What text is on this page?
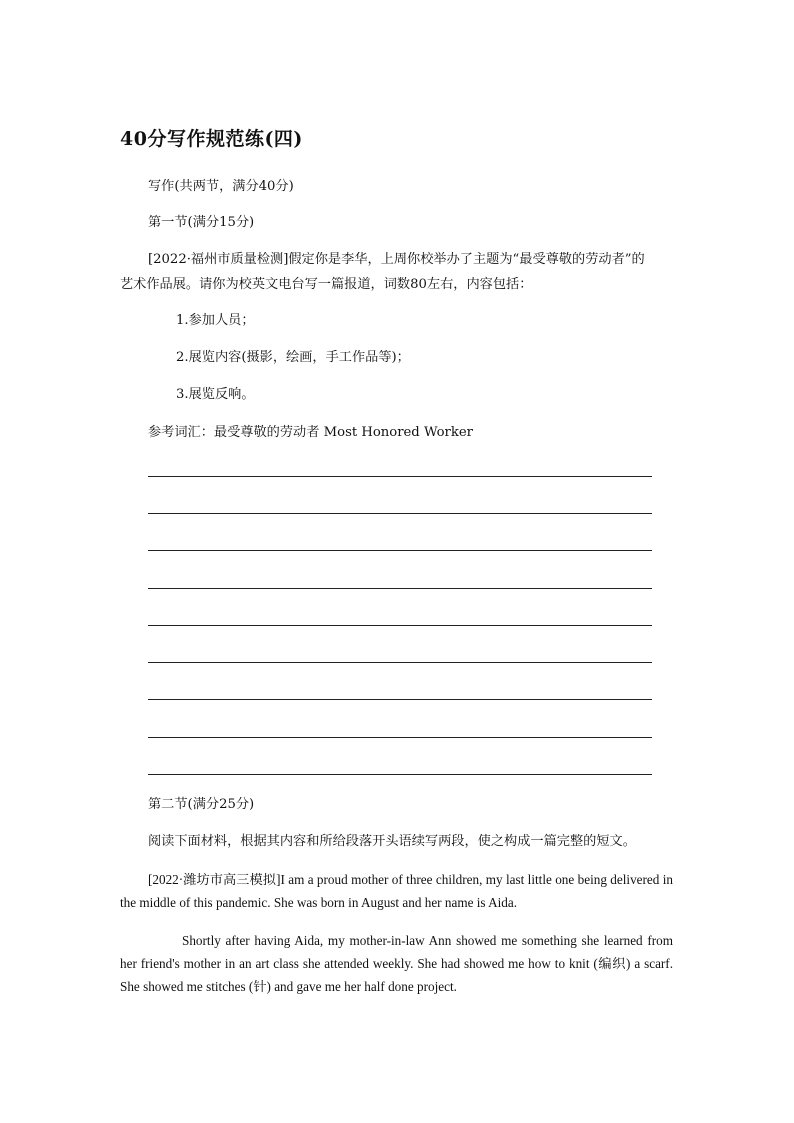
40分写作规范练(四)
写作(共两节，满分40分)
第一节(满分15分)
[2022·福州市质量检测]假定你是李华，上周你校举办了主题为“最受尊敬的劳动者”的
艺术作品展。请你为校英文电台写一篇报道，词数80左右，内容包括：
1.参加人员；
2.展览内容(摄影，绘画，手工作品等)；
3.展览反响。
参考词汇：最受尊敬的劳动者 Most Honored Worker
第二节(满分25分)
阅读下面材料，根据其内容和所给段落开头语续写两段，使之构成一篇完整的短文。
[2022·潍坊市高三模拟]I am a proud mother of three children, my last little one being delivered in the middle of this pandemic. She was born in August and her name is Aida.
Shortly after having Aida, my mother-in-law Ann showed me something she learned from her friend's mother in an art class she attended weekly. She had showed me how to knit (编织) a scarf. She showed me stitches (针) and gave me her half done project.
